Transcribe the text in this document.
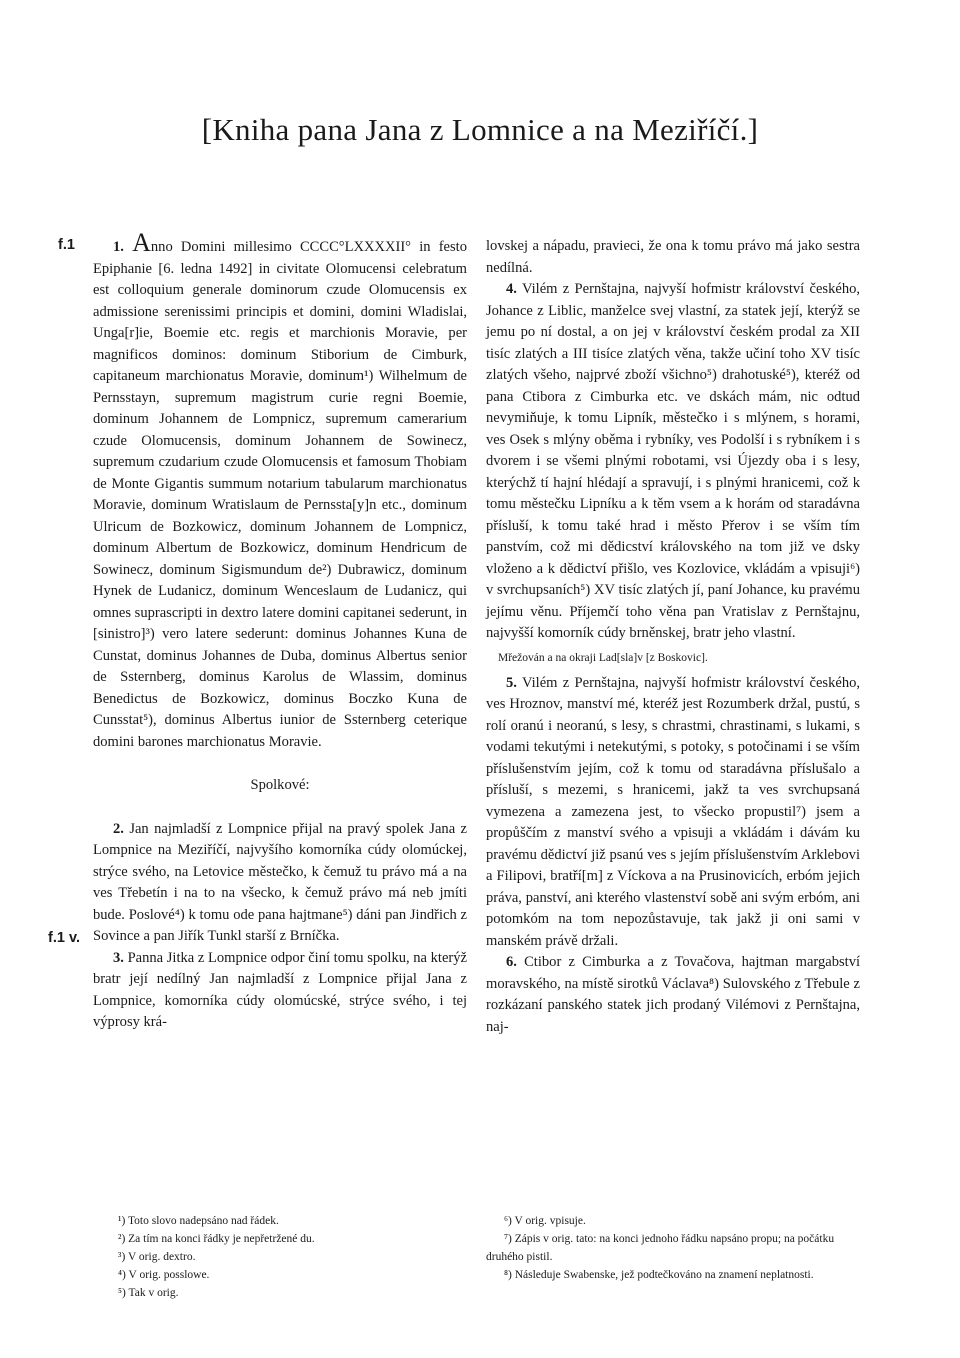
[Kniha pana Jana z Lomnice a na Meziříčí.]
f.1
f.1 v.

1. Anno Domini millesimo CCCC°LXXXXII° in festo Epiphanie [6. ledna 1492] in civitate Olomucensi celebratum est colloquium generale dominorum czude Olomucensis ex admissione serenissimi principis et domini, domini Wladislai, Unga[r]ie, Boemie etc. regis et marchionis Moravie, per magnificos dominos: dominum Stiborium de Cimburk, capitaneum marchionatus Moravie, dominum¹) Wilhelmum de Pernsstayn, supremum magistrum curie regni Boemie, dominum Johannem de Lompnicz, supremum camerarium czude Olomucensis, dominum Johannem de Sowinecz, supremum czudarium czude Olomucensis et famosum Thobiam de Monte Gigantis summum notarium tabularum marchionatus Moravie, dominum Wratislaum de Pernssta[y]n etc., dominum Ulricum de Bozkowicz, dominum Johannem de Lompnicz, dominum Albertum de Bozkowicz, dominum Hendricum de Sowinecz, dominum Sigismundum de²) Dubrawicz, dominum Hynek de Ludanicz, dominum Wenceslaum de Ludanicz, qui omnes suprascripti in dextro latere domini capitanei sederunt, in [sinistro]³) vero latere sederunt: dominus Johannes Kuna de Cunstat, dominus Johannes de Duba, dominus Albertus senior de Ssternberg, dominus Karolus de Wlassim, dominus Benedictus de Bozkowicz, dominus Boczko Kuna de Cunsstat⁵), dominus Albertus iunior de Ssternberg ceterique domini barones marchionatus Moravie.

Spolkové:

2. Jan najmladší z Lompnice přijal na pravý spolek Jana z Lompnice na Meziříčí, najvyšího komorníka cúdy olomúckej, strýce svého, na Letovice městečko, k čemuž tu právo má a na ves Třebetín i na to na všecko, k čemuž právo má neb jmíti bude. Poslové⁴) k tomu ode pana hajtmane⁵) dáni pan Jindřich z Sovince a pan Jiřík Tunkl starší z Brníčka.

3. Panna Jitka z Lompnice odpor činí tomu spolku, na kterýž bratr její nedílný Jan najmladší z Lompnice přijal Jana z Lompnice, komorníka cúdy olomúcské, strýce svého, i tej výprosy krá-

lovskej a nápadu, pravieci, že ona k tomu právo má jako sestra nedílná.

4. Vilém z Pernštajna, najvyší hofmistr království českého, Johance z Liblic, manželce svej vlastní, za statek její, kterýž se jemu po ní dostal, a on jej v království českém prodal za XII tisíc zlatých a III tisíce zlatých věna, takže učiní toho XV tisíc zlatých všeho, najprvé zboží všichno⁵) drahotuské⁵), kteréž od pana Ctibora z Cimburka etc. ve dskách mám, nic odtud nevymiňuje, k tomu Lipník, městečko i s mlýnem, s horami, ves Osek s mlýny oběma i rybníky, ves Podolší i s rybníkem i s dvorem i se všemi plnými robotami, vsi Újezdy oba i s lesy, kterýchž tí hajní hlédají a spravují, i s plnými hranicemi, což k tomu městečku Lipníku a k těm vsem a k horám od staradávna přísluší, k tomu také hrad i město Přerov i se vším tím panstvím, což mi dědicství královského na tom již ve dsky vloženo a k dědictví přišlo, ves Kozlovice, vkládám a vpisuji⁶) v svrchupsaních⁵) XV tisíc zlatých jí, paní Johance, ku pravému jejímu věnu. Příjemčí toho věna pan Vratislav z Pernštajnu, najvyšší komorník cúdy brněnskej, bratr jeho vlastní.

Mřežován a na okraji Lad[sla]v [z Boskovic].

5. Vilém z Pernštajna, najvyší hofmistr království českého, ves Hroznov, manství mé, kteréž jest Rozumberk držal, pustú, s rolí oranú i neoranú, s lesy, s chrastmi, chrastinami, s lukami, s vodami tekutými i netekutými, s potoky, s potočinami i se vším příslušenstvím jejím, což k tomu od staradávna příslušalo a přísluší, s mezemi, s hranicemi, jakž ta ves svrchupsaná vymezena a zamezena jest, to všecko propustil⁷) jsem a propůščím z manství svého a vpisuji a vkládám i dávám ku pravému dědictví již psanú ves s jejím příslušenstvím Arklebovi a Filipovi, bratří[m] z Víckova a na Prusinovicích, erbóm jejich práva, panství, ani kterého vlastenství sobě ani svým erbóm, ani potomkóm na tom nepozůstavuje, tak jakž ji oni sami v manském právě držali.

6. Ctibor z Cimburka a z Tovačova, hajtman margabství moravského, na místě sirotků Václava⁸) Sulovského z Třebule z rozkázaní panského statek jich prodaný Vilémovi z Pernštajna, naj-

¹) Toto slovo nadepsáno nad řádek.
²) Za tím na konci řádky je nepřetržené du.
³) V orig. dextro.
⁴) V orig. posslowe.
⁵) Tak v orig.
⁶) V orig. vpisuje.
⁷) Zápis v orig. tato: na konci jednoho řádku napsáno propu; na počátku druhého pistil.
⁸) Následuje Swabenske, jež podtečkováno na znamení neplatnosti.
